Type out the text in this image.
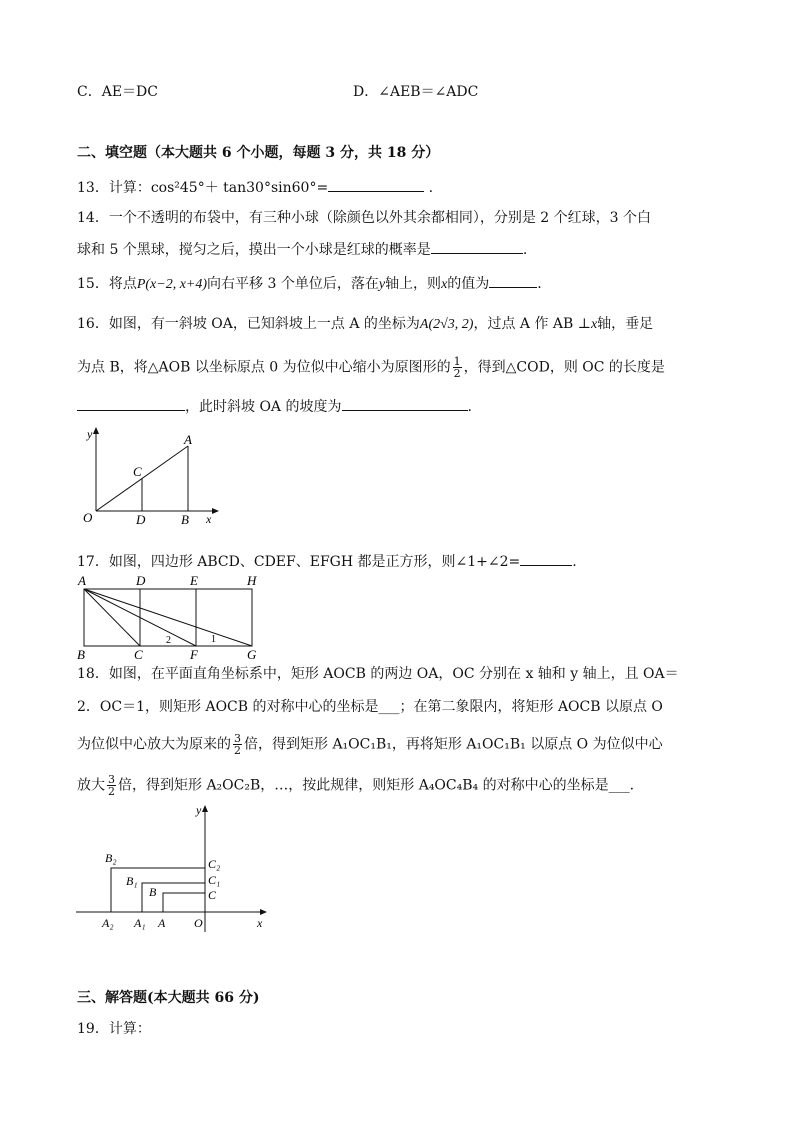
C．AE＝DC	D．∠AEB＝∠ADC
二、填空题（本大题共 6 个小题，每题 3 分，共 18 分）
13．计算：cos²45°＋ tan30°sin60°=	.
14．一个不透明的布袋中，有三种小球（除颜色以外其余都相同），分别是 2 个红球，3 个白
球和 5 个黑球，搅匀之后，摸出一个小球是红球的概率是	.
15．将点P(x−2, x+4)向右平移 3 个单位后，落在y轴上，则x的值为	.
16．如图，有一斜坡 OA，已知斜坡上一点 A 的坐标为A(2√3, 2)，过点 A 作 AB ⊥x轴，垂足
为点 B，将△AOB 以坐标原点 0 为位似中心缩小为原图形的 $\frac{1}{2}$ ，得到△COD，则 OC 的长度是
，此时斜坡 OA 的坡度为	.
y
x
O
A
C
D	B
17．如图，四边形 ABCD、CDEF、EFGH 都是正方形，则∠1+∠2=	.
A	D	E	H
B	C	F	G
1
2
18．如图，在平面直角坐标系中，矩形 AOCB 的两边 OA，OC 分别在 x 轴和 y 轴上，且 OA＝
2．OC＝1，则矩形 AOCB 的对称中心的坐标是___；在第二象限内，将矩形 AOCB 以原点 O
为位似中心放大为原来的 $\frac{3}{2}$ 倍，得到矩形 A₁OC₁B₁，再将矩形 A₁OC₁B₁ 以原点 O 为位似中心
放大 $\frac{3}{2}$ 倍，得到矩形 A₂OC₂B，…，按此规律，则矩形 A₄OC₄B₄ 的对称中心的坐标是___.
y
x
O
B₂
B₁
B
C₂
C₁
C
A₂ A₁ A
三、解答题(本大题共 66 分)
19．计算：
